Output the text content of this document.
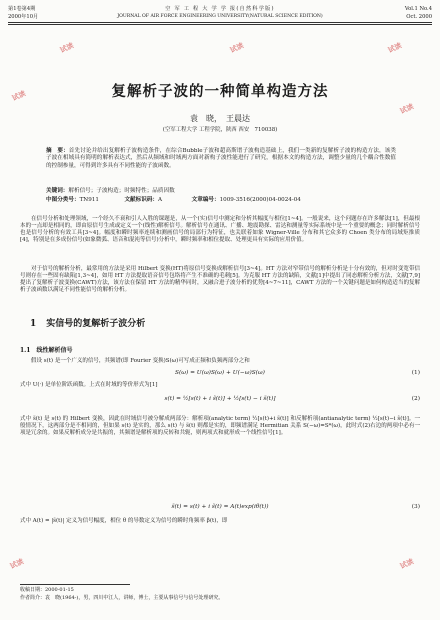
第1卷第4期
2000年10月
空 军 工 程 大 学 学 报(自然科学版)
JOURNAL OF AIR FORCE ENGINEERING UNIVERSITY(NATURAL SCIENCE EDITION)
Vol.1 No.4
Oct. 2000
复解析子波的一种简单构造方法
袁　晓，　王晨达
(空军工程大学 工程学院，陕西 西安　710038)
摘　要：首先讨论并给出复解析子波构造条件，在综合Bubble子波和超高斯谱子波构造基础上，我们一类新的复解析子波的构造方法，该类子波在相域具有简明的解析表达式，然后从频域和时域两方面对新构子波性能进行了研究，根据本文的构造方法，调整少量的几个耦合性数值的控制参量，可得到许多具有不同性能的子波函数。
关键词：解析信号；子波构造；时频特性；品质因数
中图分类号：TN911	文献标识码：A	文章编号：1009-3516(2000)04-0024-04
在信号分析和处理领域，一个经久不衰和引人入胜的课题是，从一个(实)信号中测定和分析其幅度与相位[1~4]。一般说来，这个问题存在许多解法[1]，但最根本的一点却是相同的，即由原信号生成或定义一个(线性)解析信号。解析信号在通讯、广播、地震勘探、雷达和测量等实际系统中是一个重要的概念；同时解析信号也是信号分析的有效工具[3~4]。幅度和瞬时频率连续和测画信号的局部行为特征，也关联着如象 Wigner-Ville 分布和其它众多的 Choen 类分布的局域矩推质[4]，特别是在多成份信号(如象微弧、语音和混沌等信号)分析中，瞬时频率和相位提取、处理更具有实际的应用价值。
对于信号的解析分析，最常用的方法是采用 Hilbert 变换(HT)将原信号变换成解析信号[3~4]。HT 方法对窄带信号的解析分析是十分有效的，但对时变宽带信号则存在一些固有缺陷[1,3~4]，如用 HT 方法提取语音信号包络将产生不准确的毛刺[5]。为克服 HT 方法的缺陷，文献[1]中提出了同态解析分析方法，文献[7,9]提出了复解析子波变换(CAWT)方法，该方法在保留 HT 方法的精华同时，又融合进子波分析的优势[4~7~11]，CAWT 方法的一个关键问题是如何构造适当的复解析子波函数以满足不同性能信号的解析分析。
1 实信号的复解析子波分析
1.1 线性解析信号
假设 s(t) 是一个广义的信号，其频谱(即 Fourier 变换)S(ω)可写成正频和负频两部分之和
S(ω) = U(ω)S(ω) + U(−ω)S(ω)	(1)
式中 U(·) 是单位阶跃函数。上式在时域的等价形式为[1]
s(t) = ½[s(t) + i s̃(t)] + ½[s(t) − i s̃(t)]	(2)
式中 s̃(t) 是 s(t) 的 Hilbert 变换，因此在时域信号被分解成两部分：解析项(analytic term) ½[s(t)+i s̃(t)] 和反解析项(antianalytic term) ½[s(t)−i s̃(t)]。一般情况下，这两部分是不相同的，但如果 s(t) 是实的，那么 s(t) 与 s̃(t) 则都是实的，即频谱满足 Hermitian 关系 S(−ω)=S*(ω)，此时式(2)右边的两项中必有一项是冗余的。如果反解析成分是共振的，其频谱是解析项的反转和共轭，则两项式和就形成一个线性信号[1]。
s̃(t) = s(t) + i s̃(t) = A(t)exp(iθ(t))	(3)
式中 A(t) = |s̃(t)| 定义为信号幅度，相位 θ 的导数定义为信号的瞬时角频率 β(t)，即
收稿日期：2000-01-15
作者简介：袁　晓(1964-)，男，四川中江人，讲师，博士，主要从事信号与信号处理研究。
试读
试读
试读	试读
试读
试读	试读
